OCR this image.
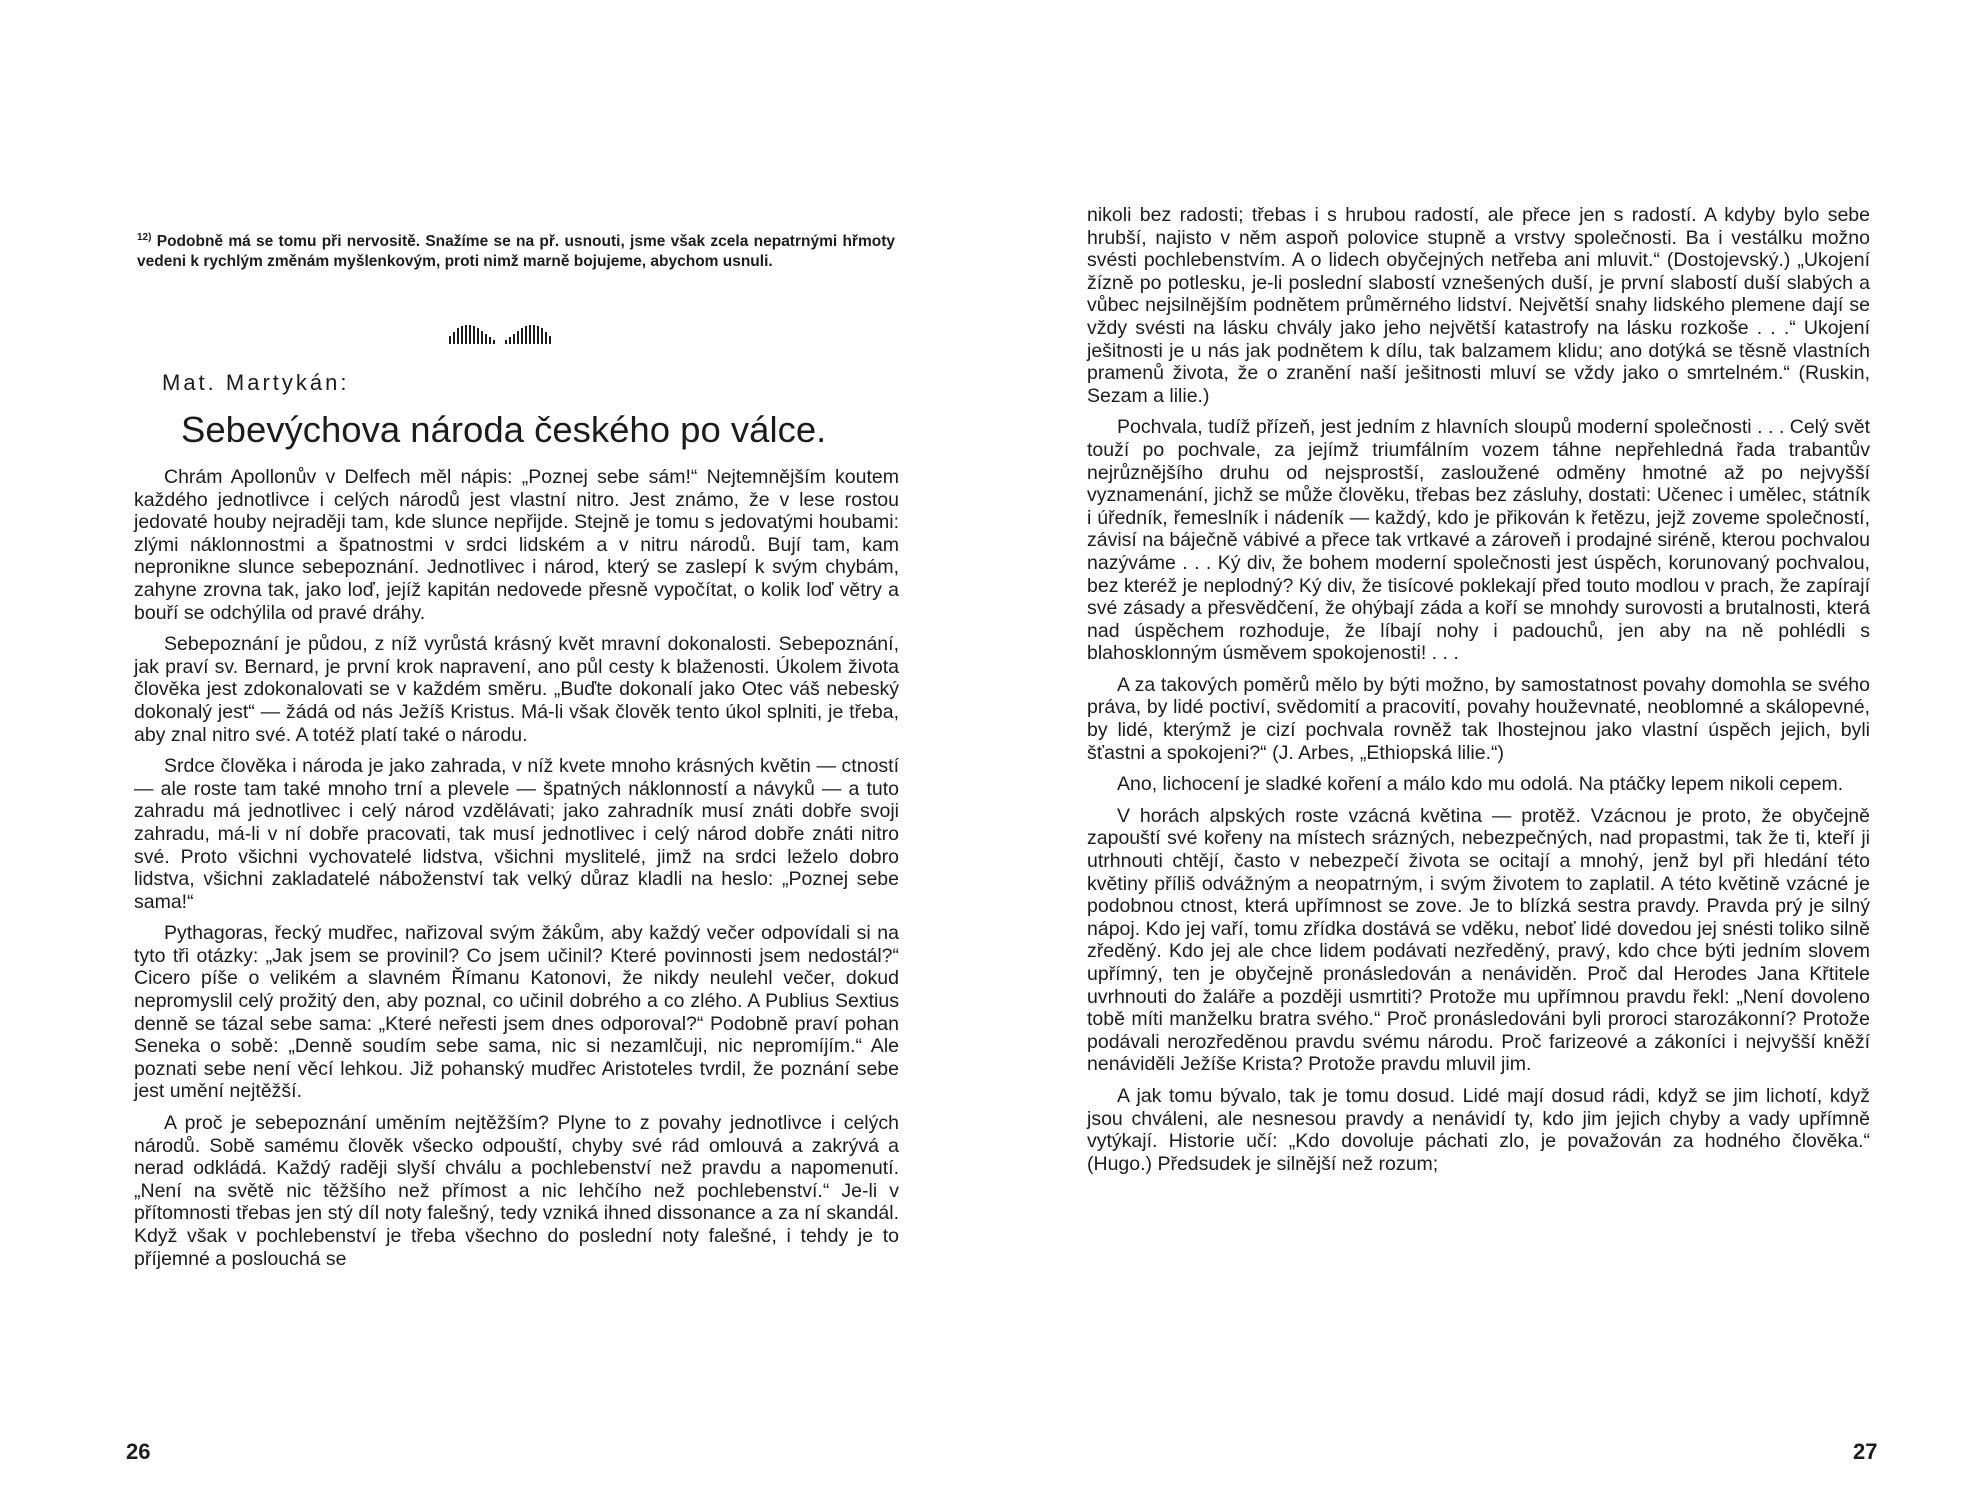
$^{12)}$ Podobně má se tomu při nervositě. Snažíme se na př. usnouti, jsme však zcela nepatrnými hřmoty vedeni k rychlým změnám myšlenkovým, proti nimž marně bojujeme, abychom usnuli.

Mat. Martykán:

Sebevýchova národa českého po válce.

Chrám Apollonův v Delfech měl nápis: „Poznej sebe sám!“ Nejtemnějším koutem každého jednotlivce i celých národů jest vlastní nitro. Jest známo, že v lese rostou jedovaté houby nejraději tam, kde slunce nepřijde. Stejně je tomu s jedovatými houbami: zlými náklonnostmi a špatnostmi v srdci lidském a v nitru národů. Bují tam, kam nepronikne slunce sebepoznání. Jednotlivec i národ, který se zaslepí k svým chybám, zahyne zrovna tak, jako loď, jejíž kapitán nedovede přesně vypočítat, o kolik loď větry a bouří se odchýlila od pravé dráhy.

Sebepoznání je půdou, z níž vyrůstá krásný květ mravní dokonalosti. Sebepoznání, jak praví sv. Bernard, je první krok napravení, ano půl cesty k blaženosti. Úkolem života člověka jest zdokonalovati se v každém směru. „Buďte dokonalí jako Otec váš nebeský dokonalý jest“ — žádá od nás Ježíš Kristus. Má-li však člověk tento úkol splniti, je třeba, aby znal nitro své. A totéž platí také o národu.

Srdce člověka i národa je jako zahrada, v níž kvete mnoho krásných květin — ctností — ale roste tam také mnoho trní a plevele — špatných náklonností a návyků — a tuto zahradu má jednotlivec i celý národ vzdělávati; jako zahradník musí znáti dobře svoji zahradu, má-li v ní dobře pracovati, tak musí jednotlivec i celý národ dobře znáti nitro své. Proto všichni vychovatelé lidstva, všichni myslitelé, jimž na srdci leželo dobro lidstva, všichni zakladatelé náboženství tak velký důraz kladli na heslo: „Poznej sebe sama!“

Pythagoras, řecký mudřec, nařizoval svým žákům, aby každý večer odpovídali si na tyto tři otázky: „Jak jsem se provinil? Co jsem učinil? Které povinnosti jsem nedostál?“ Cicero píše o velikém a slavném Římanu Katonovi, že nikdy neulehl večer, dokud nepromyslil celý prožitý den, aby poznal, co učinil dobrého a co zlého. A Publius Sextius denně se tázal sebe sama: „Které neřesti jsem dnes odporoval?“ Podobně praví pohan Seneka o sobě: „Denně soudím sebe sama, nic si nezamlčuji, nic nepromíjím.“ Ale poznati sebe není věcí lehkou. Již pohanský mudřec Aristoteles tvrdil, že poznání sebe jest umění nejtěžší.

A proč je sebepoznání uměním nejtěžším? Plyne to z povahy jednotlivce i celých národů. Sobě samému člověk všecko odpouští, chyby své rád omlouvá a zakrývá a nerad odkládá. Každý raději slyší chválu a pochlebenství než pravdu a napomenutí. „Není na světě nic těžšího než přímost a nic lehčího než pochlebenství.“ Je-li v přítomnosti třebas jen stý díl noty falešný, tedy vzniká ihned dissonance a za ní skandál. Když však v pochlebenství je třeba všechno do poslední noty falešné, i tehdy je to příjemné a poslouchá se

26

nikoli bez radosti; třebas i s hrubou radostí, ale přece jen s radostí. A kdyby bylo sebe hrubší, najisto v něm aspoň polovice stupně a vrstvy společnosti. Ba i vestálku možno svésti pochlebenstvím. A o lidech obyčejných netřeba ani mluvit.“ (Dostojevský.) „Ukojení žízně po potlesku, je-li poslední slabostí vznešených duší, je první slabostí duší slabých a vůbec nejsilnějším podnětem průměrného lidství. Největší snahy lidského plemene dají se vždy svésti na lásku chvály jako jeho největší katastrofy na lásku rozkoše . . .“ Ukojení ješitnosti je u nás jak podnětem k dílu, tak balzamem klidu; ano dotýká se těsně vlastních pramenů života, že o zranění naší ješitnosti mluví se vždy jako o smrtelném.“ (Ruskin, Sezam a lilie.)

Pochvala, tudíž přízeň, jest jedním z hlavních sloupů moderní společnosti . . . Celý svět touží po pochvale, za jejímž triumfálním vozem táhne nepřehledná řada trabantův nejrůznějšího druhu od nejsprostší, zasloužené odměny hmotné až po nejvyšší vyznamenání, jichž se může člověku, třebas bez zásluhy, dostati: Učenec i umělec, státník i úředník, řemeslník i nádeník — každý, kdo je přikován k řetězu, jejž zoveme společností, závisí na báječně vábivé a přece tak vrtkavé a zároveň i prodajné siréně, kterou pochvalou nazýváme . . . Ký div, že bohem moderní společnosti jest úspěch, korunovaný pochvalou, bez kteréž je neplodný? Ký div, že tisícové poklekají před touto modlou v prach, že zapírají své zásady a přesvědčení, že ohýbají záda a koří se mnohdy surovosti a brutalnosti, která nad úspěchem rozhoduje, že líbají nohy i padouchů, jen aby na ně pohlédli s blahosklonným úsměvem spokojenosti! . . .

A za takových poměrů mělo by býti možno, by samostatnost povahy domohla se svého práva, by lidé poctiví, svědomití a pracovití, povahy houževnaté, neoblomné a skálopevné, by lidé, kterýmž je cizí pochvala rovněž tak lhostejnou jako vlastní úspěch jejich, byli šťastni a spokojeni?“ (J. Arbes, „Ethiopská lilie.“)

Ano, lichocení je sladké koření a málo kdo mu odolá. Na ptáčky lepem nikoli cepem.

V horách alpských roste vzácná květina — protěž. Vzácnou je proto, že obyčejně zapouští své kořeny na místech srázných, nebezpečných, nad propastmi, tak že ti, kteří ji utrhnouti chtějí, často v nebezpečí života se ocitají a mnohý, jenž byl při hledání této květiny příliš odvážným a neopatrným, i svým životem to zaplatil. A této květině vzácné je podobnou ctnost, která upřímnost se zove. Je to blízká sestra pravdy. Pravda prý je silný nápoj. Kdo jej vaří, tomu zřídka dostává se vděku, neboť lidé dovedou jej snésti toliko silně zředěný. Kdo jej ale chce lidem podávati nezředěný, pravý, kdo chce býti jedním slovem upřímný, ten je obyčejně pronásledován a nenáviděn. Proč dal Herodes Jana Křtitele uvrhnouti do žaláře a později usmrtiti? Protože mu upřímnou pravdu řekl: „Není dovoleno tobě míti manželku bratra svého.“ Proč pronásledováni byli proroci starozákonní? Protože podávali nerozředěnou pravdu svému národu. Proč farizeové a zákoníci i nejvyšší kněží nenáviděli Ježíše Krista? Protože pravdu mluvil jim.

A jak tomu bývalo, tak je tomu dosud. Lidé mají dosud rádi, když se jim lichotí, když jsou chváleni, ale nesnesou pravdy a nenávidí ty, kdo jim jejich chyby a vady upřímně vytýkají. Historie učí: „Kdo dovoluje páchati zlo, je považován za hodného člověka.“ (Hugo.) Předsudek je silnější než rozum;

27
